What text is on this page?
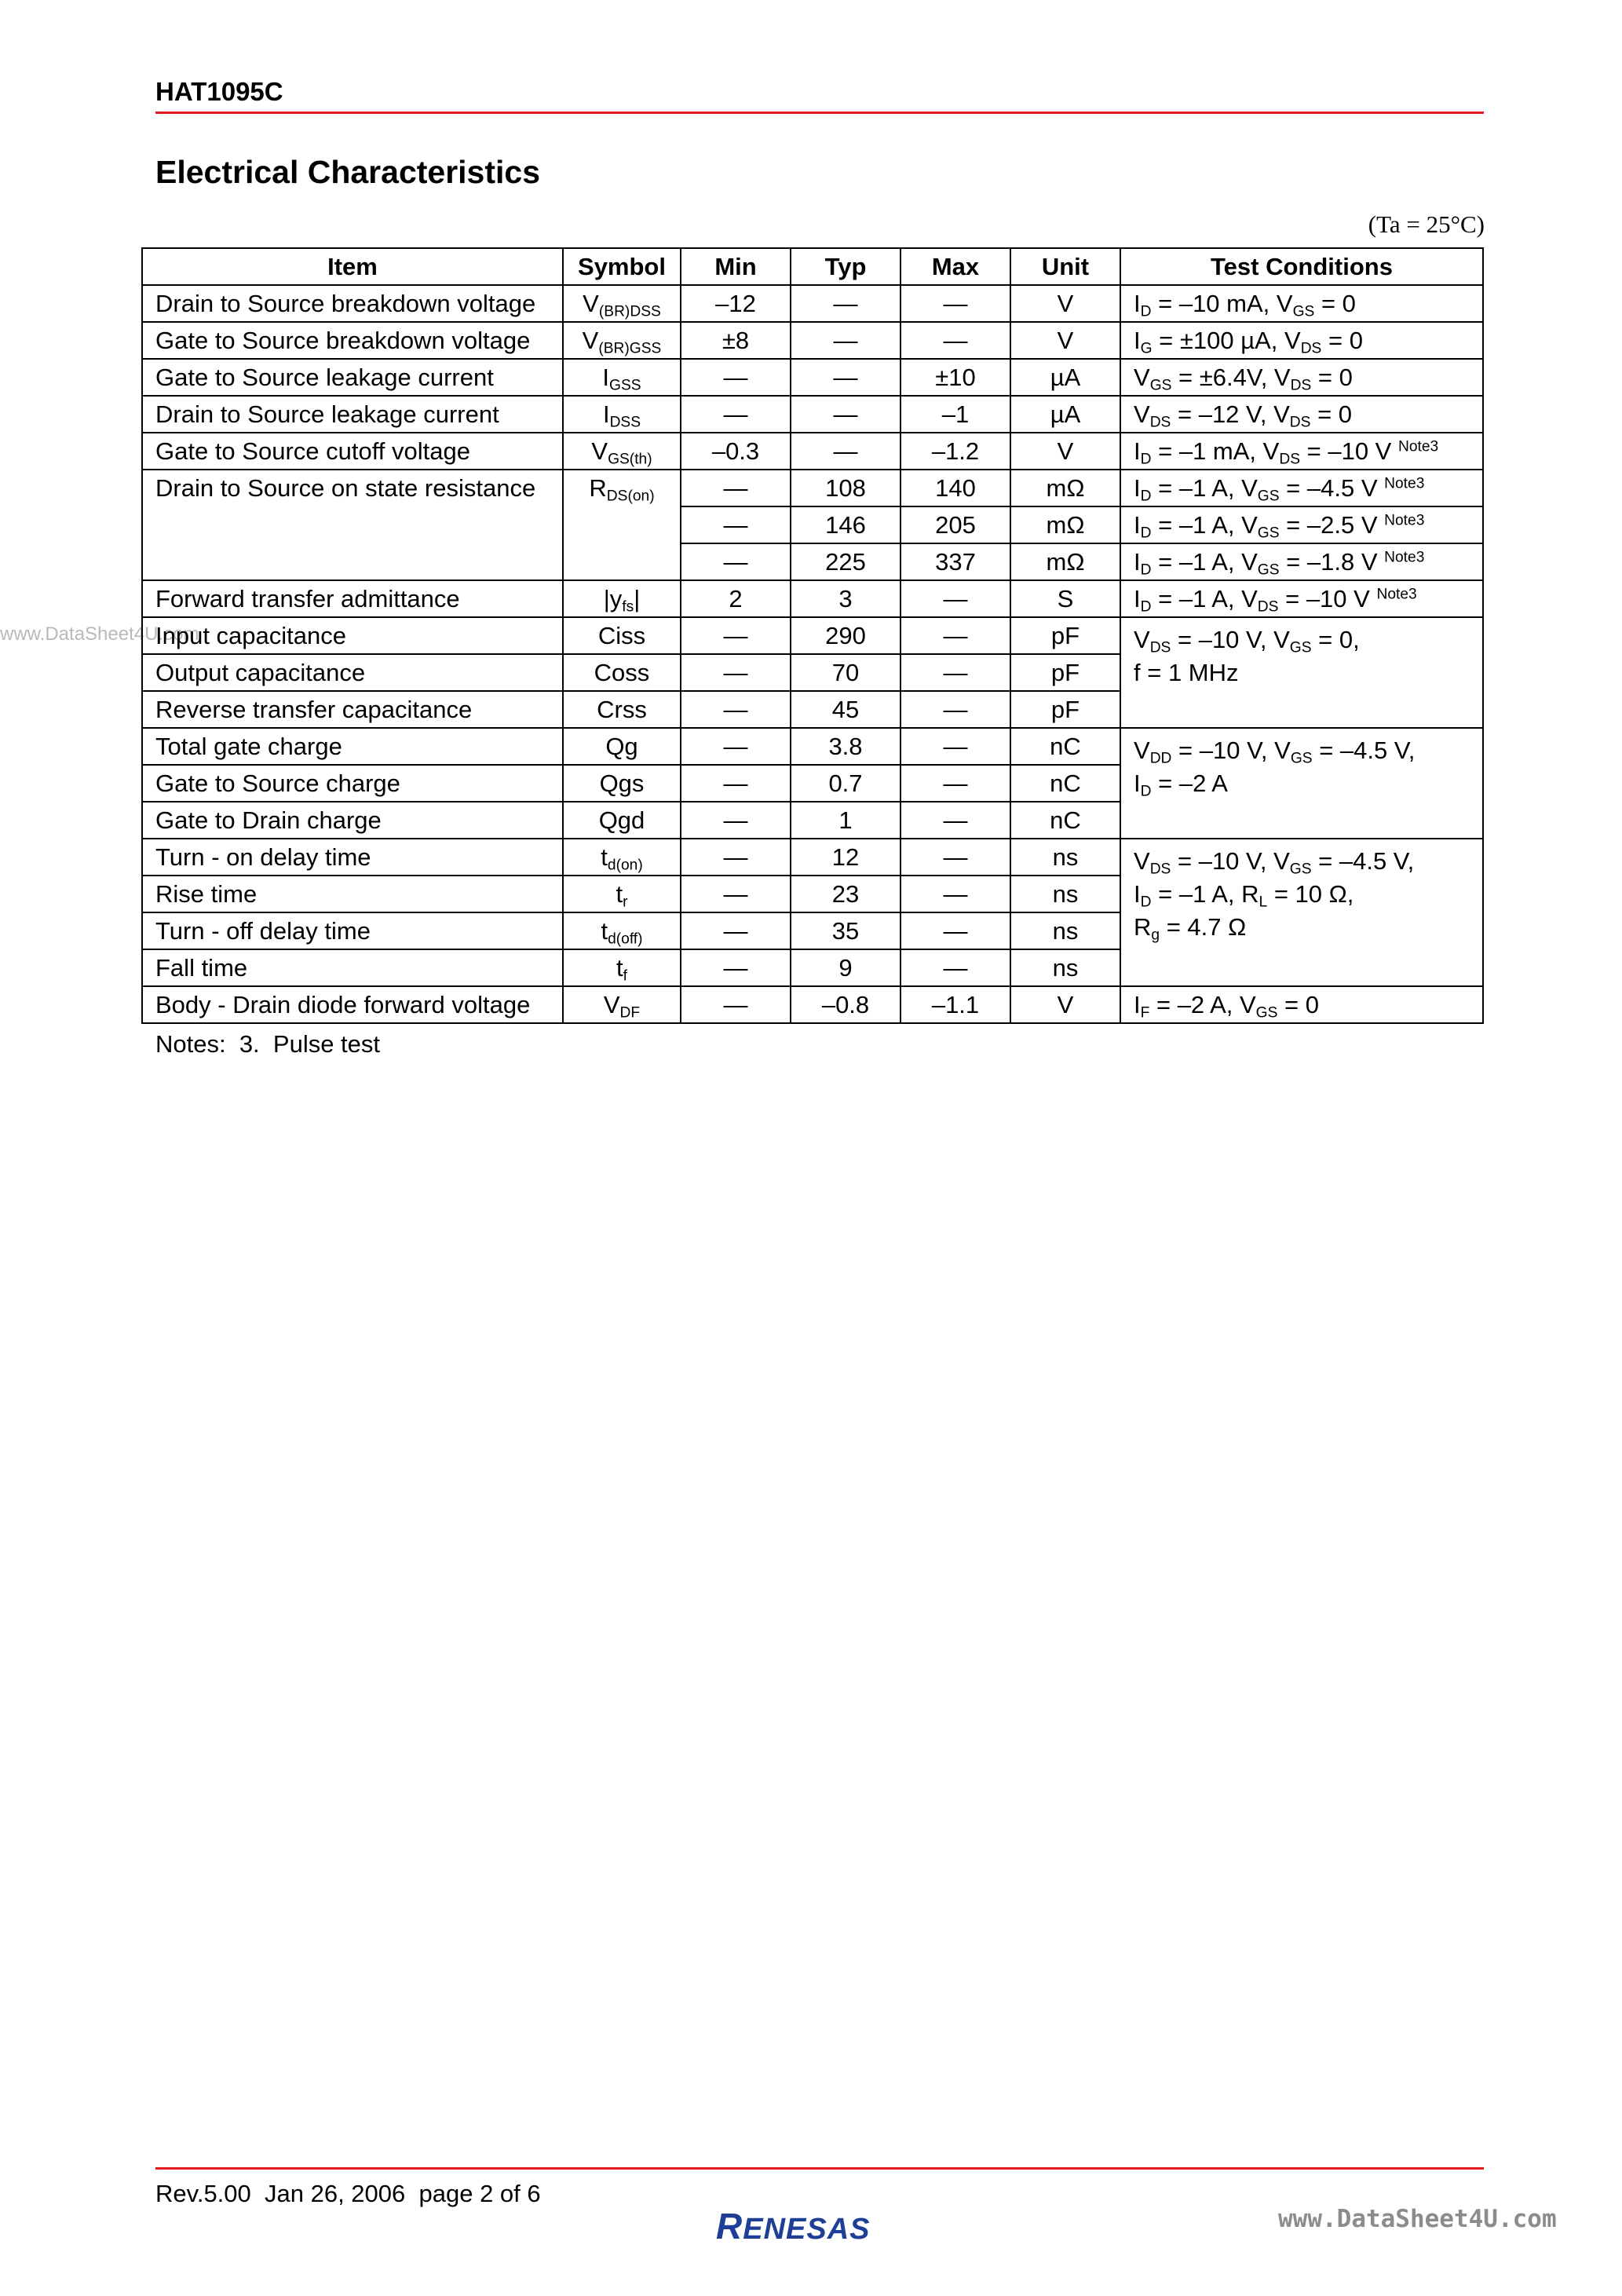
HAT1095C
Electrical Characteristics
(Ta = 25°C)
www.DataSheet4U.com
Item	Symbol	Min	Typ	Max	Unit	Test Conditions
Drain to Source breakdown voltage	$V_{(BR)DSS}$	–12	—	—	V	$I_D = -10$ mA, $V_{GS} = 0$
Gate to Source breakdown voltage	$V_{(BR)GSS}$	±8	—	—	V	$I_G = \pm 100$ µA, $V_{DS} = 0$
Gate to Source leakage current	$I_{GSS}$	—	—	±10	µA	$V_{GS} = \pm 6.4V$, $V_{DS} = 0$
Drain to Source leakage current	$I_{DSS}$	—	—	–1	µA	$V_{DS} = -12$ V, $V_{DS} = 0$
Gate to Source cutoff voltage	$V_{GS(th)}$	–0.3	—	–1.2	V	$I_D = -1$ mA, $V_{DS} = -10$ V $^{Note3}$
Drain to Source on state resistance	$R_{DS(on)}$	—	108	140	mΩ	$I_D = -1$ A, $V_{GS} = -4.5$ V $^{Note3}$
		—	146	205	mΩ	$I_D = -1$ A, $V_{GS} = -2.5$ V $^{Note3}$
		—	225	337	mΩ	$I_D = -1$ A, $V_{GS} = -1.8$ V $^{Note3}$
Forward transfer admittance	$|y_{fs}|$	2	3	—	S	$I_D = -1$ A, $V_{DS} = -10$ V $^{Note3}$
Input capacitance	Ciss	—	290	—	pF	$V_{DS} = -10$ V, $V_{GS} = 0$,
f = 1 MHz

Output capacitance	Coss	—	70	—	pF	
Reverse transfer capacitance	Crss	—	45	—	pF	
Total gate charge	Qg	—	3.8	—	nC	$V_{DD} = -10$ V, $V_{GS} = -4.5$ V,
$I_D = -2$ A

Gate to Source charge	Qgs	—	0.7	—	nC	
Gate to Drain charge	Qgd	—	1	—	nC	
Turn - on delay time	$t_{d(on)}$	—	12	—	ns	$V_{DS} = -10$ V, $V_{GS} = -4.5$ V,
$I_D = -1$ A, $R_L = 10$ Ω,
$R_g = 4.7$ Ω

Rise time	$t_r$	—	23	—	ns	
Turn - off delay time	$t_{d(off)}$	—	35	—	ns	
Fall time	$t_f$	—	9	—	ns	
Body - Drain diode forward voltage	$V_{DF}$	—	–0.8	–1.1	V	$I_F = -2$ A, $V_{GS} = 0$
Notes:  3.  Pulse test
Rev.5.00  Jan 26, 2006  page 2 of 6
RENESAS	www.DataSheet4U.com
